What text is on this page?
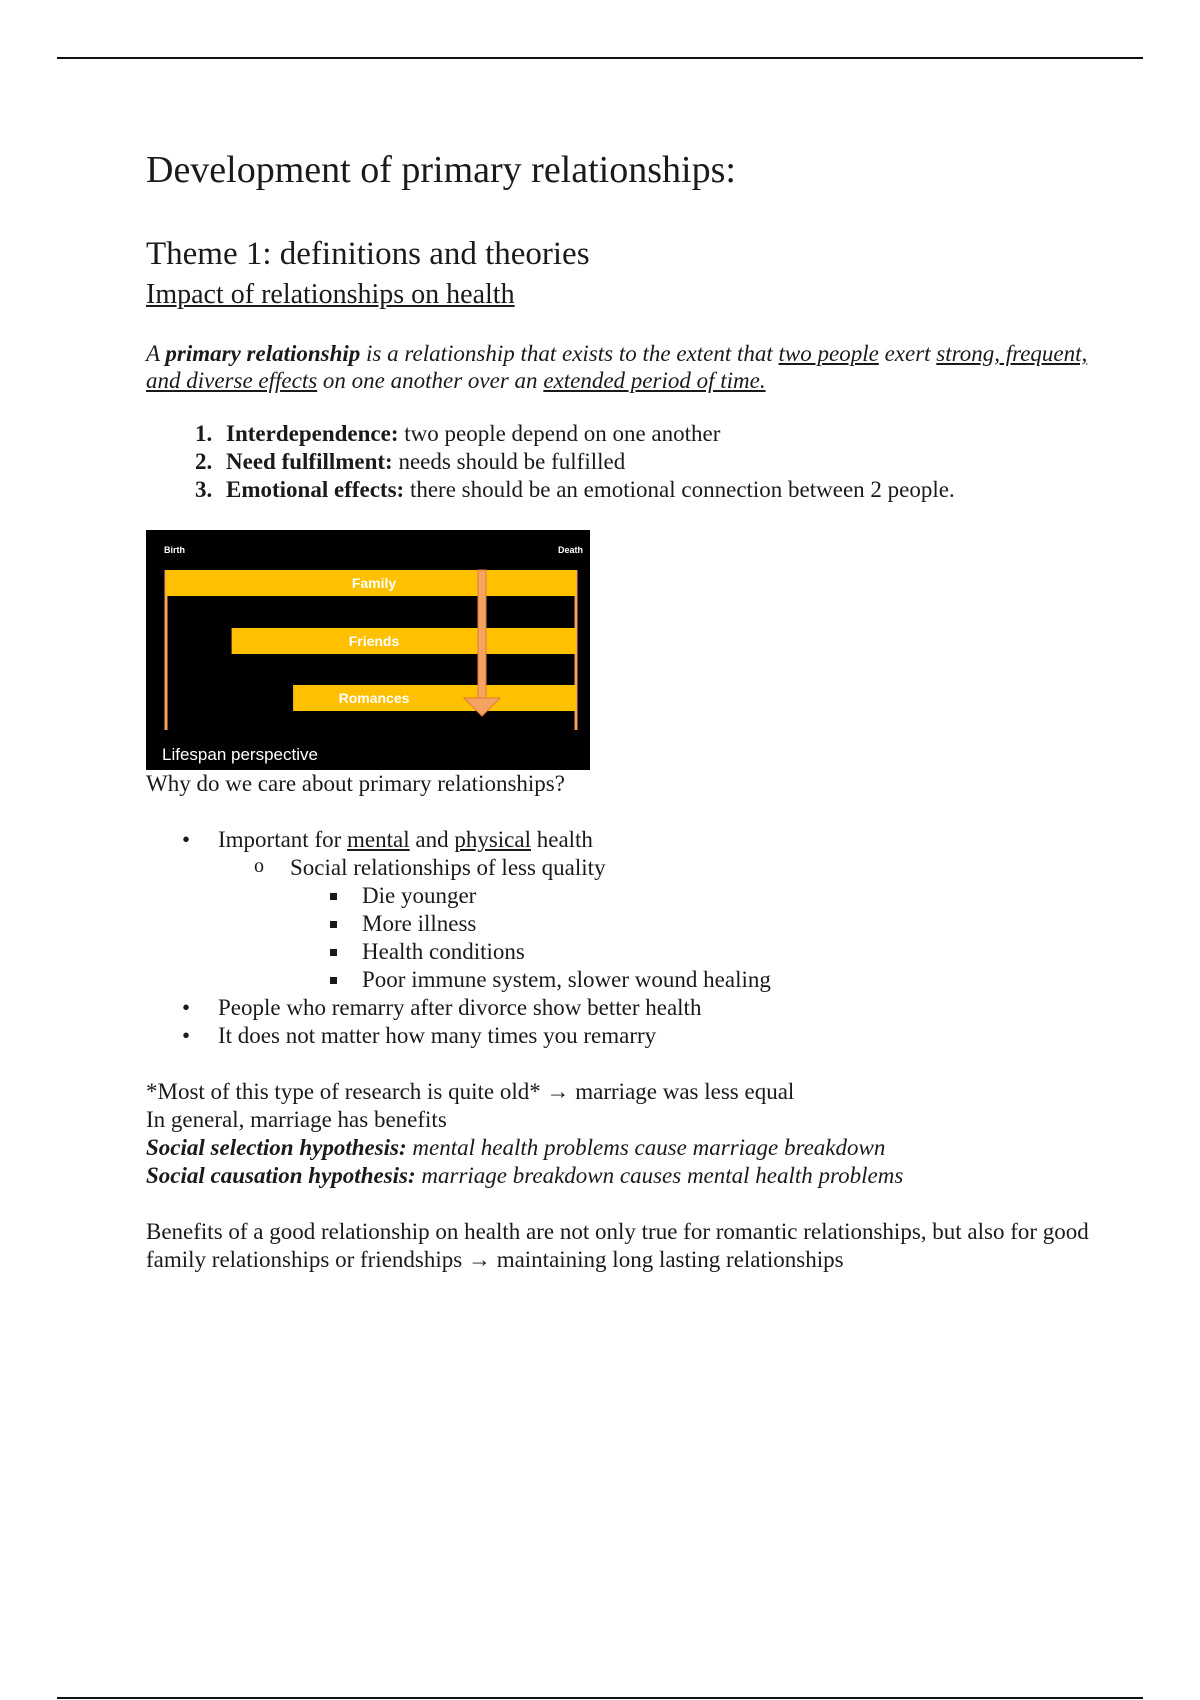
Development of primary relationships:
Theme 1: definitions and theories
Impact of relationships on health

A primary relationship is a relationship that exists to the extent that two people exert strong, frequent, and diverse effects on one another over an extended period of time.

1. Interdependence: two people depend on one another
2. Need fulfillment: needs should be fulfilled
3. Emotional effects: there should be an emotional connection between 2 people.
Birth	Death
Family
Friends
Romances
Lifespan perspective

Why do we care about primary relationships?

• Important for mental and physical health
o Social relationships of less quality
Die younger
More illness
Health conditions
Poor immune system, slower wound healing
• People who remarry after divorce show better health
• It does not matter how many times you remarry
*Most of this type of research is quite old* → marriage was less equal
In general, marriage has benefits
Social selection hypothesis: mental health problems cause marriage breakdown
Social causation hypothesis: marriage breakdown causes mental health problems

Benefits of a good relationship on health are not only true for romantic relationships, but also for good family relationships or friendships → maintaining long lasting relationships
